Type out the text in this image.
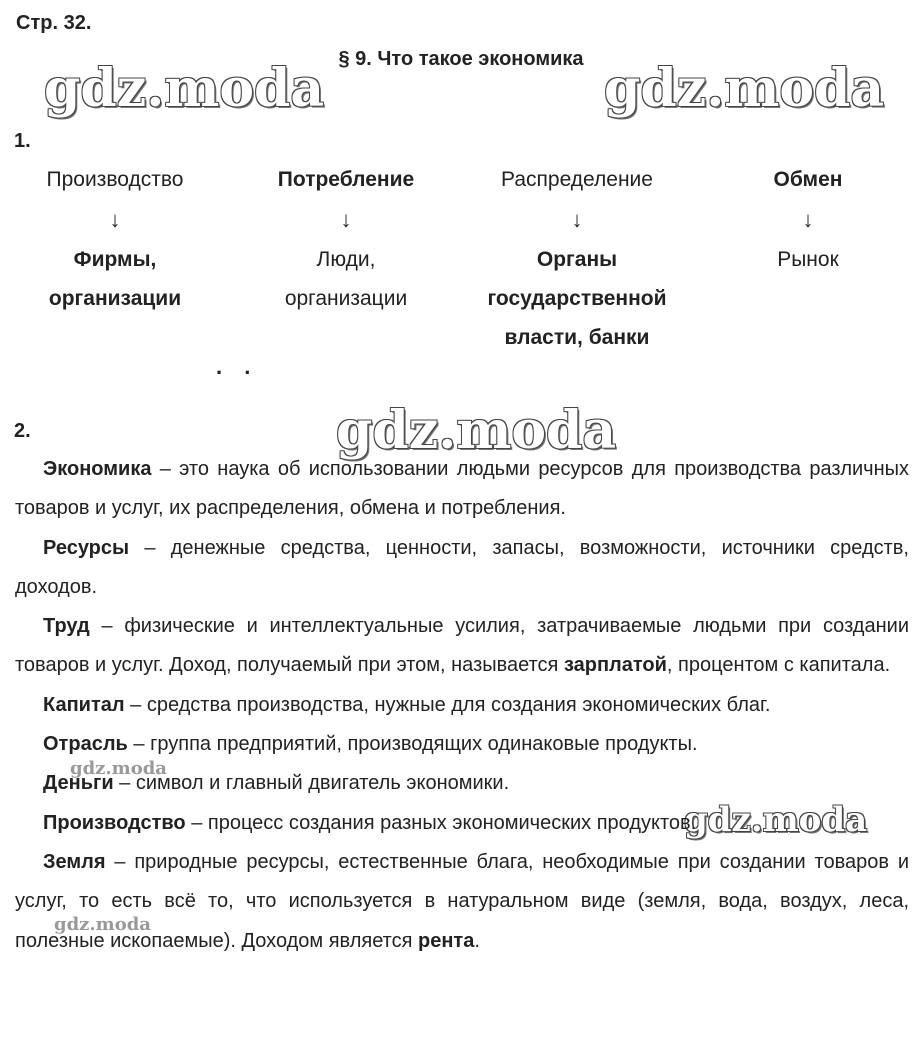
Стр. 32.
§ 9. Что такое экономика
gdz.moda	gdz.moda
gdz.moda
gdz.moda
gdz.moda
gdz.moda
1.
Производство
↓
Фирмы,
организации
Потребление
↓
Люди,
организации
Распределение
↓
Органы
государственной
власти, банки
Обмен
↓
Рынок
. .
2.

Экономика – это наука об использовании людьми ресурсов для производства различных товаров и услуг, их распределения, обмена и потребления.

Ресурсы – денежные средства, ценности, запасы, возможности, источники средств, доходов.

Труд – физические и интеллектуальные усилия, затрачиваемые людьми при создании товаров и услуг. Доход, получаемый при этом, называется зарплатой, процентом с капитала.

Капитал – средства производства, нужные для создания экономических благ.

Отрасль – группа предприятий, производящих одинаковые продукты.

Деньги – символ и главный двигатель экономики.

Производство – процесс создания разных экономических продуктов.

Земля – природные ресурсы, естественные блага, необходимые при создании товаров и услуг, то есть всё то, что используется в натуральном виде (земля, вода, воздух, леса, полезные ископаемые). Доходом является рента.
